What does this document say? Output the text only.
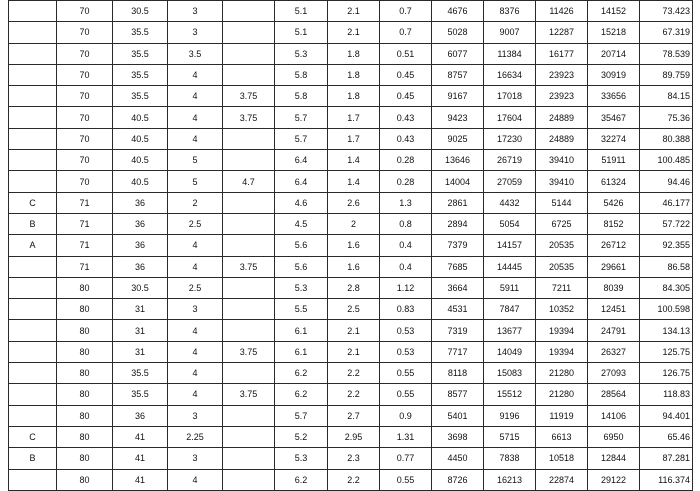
	70	30.5	3		5.1	2.1	0.7	4676	8376	11426	14152	73.423
	70	35.5	3		5.1	2.1	0.7	5028	9007	12287	15218	67.319
	70	35.5	3.5		5.3	1.8	0.51	6077	11384	16177	20714	78.539
	70	35.5	4		5.8	1.8	0.45	8757	16634	23923	30919	89.759
	70	35.5	4	3.75	5.8	1.8	0.45	9167	17018	23923	33656	84.15
	70	40.5	4	3.75	5.7	1.7	0.43	9423	17604	24889	35467	75.36
	70	40.5	4		5.7	1.7	0.43	9025	17230	24889	32274	80.388
	70	40.5	5		6.4	1.4	0.28	13646	26719	39410	51911	100.485
	70	40.5	5	4.7	6.4	1.4	0.28	14004	27059	39410	61324	94.46
C	71	36	2		4.6	2.6	1.3	2861	4432	5144	5426	46.177
B	71	36	2.5		4.5	2	0.8	2894	5054	6725	8152	57.722
A	71	36	4		5.6	1.6	0.4	7379	14157	20535	26712	92.355
	71	36	4	3.75	5.6	1.6	0.4	7685	14445	20535	29661	86.58
	80	30.5	2.5		5.3	2.8	1.12	3664	5911	7211	8039	84.305
	80	31	3		5.5	2.5	0.83	4531	7847	10352	12451	100.598
	80	31	4		6.1	2.1	0.53	7319	13677	19394	24791	134.13
	80	31	4	3.75	6.1	2.1	0.53	7717	14049	19394	26327	125.75
	80	35.5	4		6.2	2.2	0.55	8118	15083	21280	27093	126.75
	80	35.5	4	3.75	6.2	2.2	0.55	8577	15512	21280	28564	118.83
	80	36	3		5.7	2.7	0.9	5401	9196	11919	14106	94.401
C	80	41	2.25		5.2	2.95	1.31	3698	5715	6613	6950	65.46
B	80	41	3		5.3	2.3	0.77	4450	7838	10518	12844	87.281
	80	41	4		6.2	2.2	0.55	8726	16213	22874	29122	116.374
